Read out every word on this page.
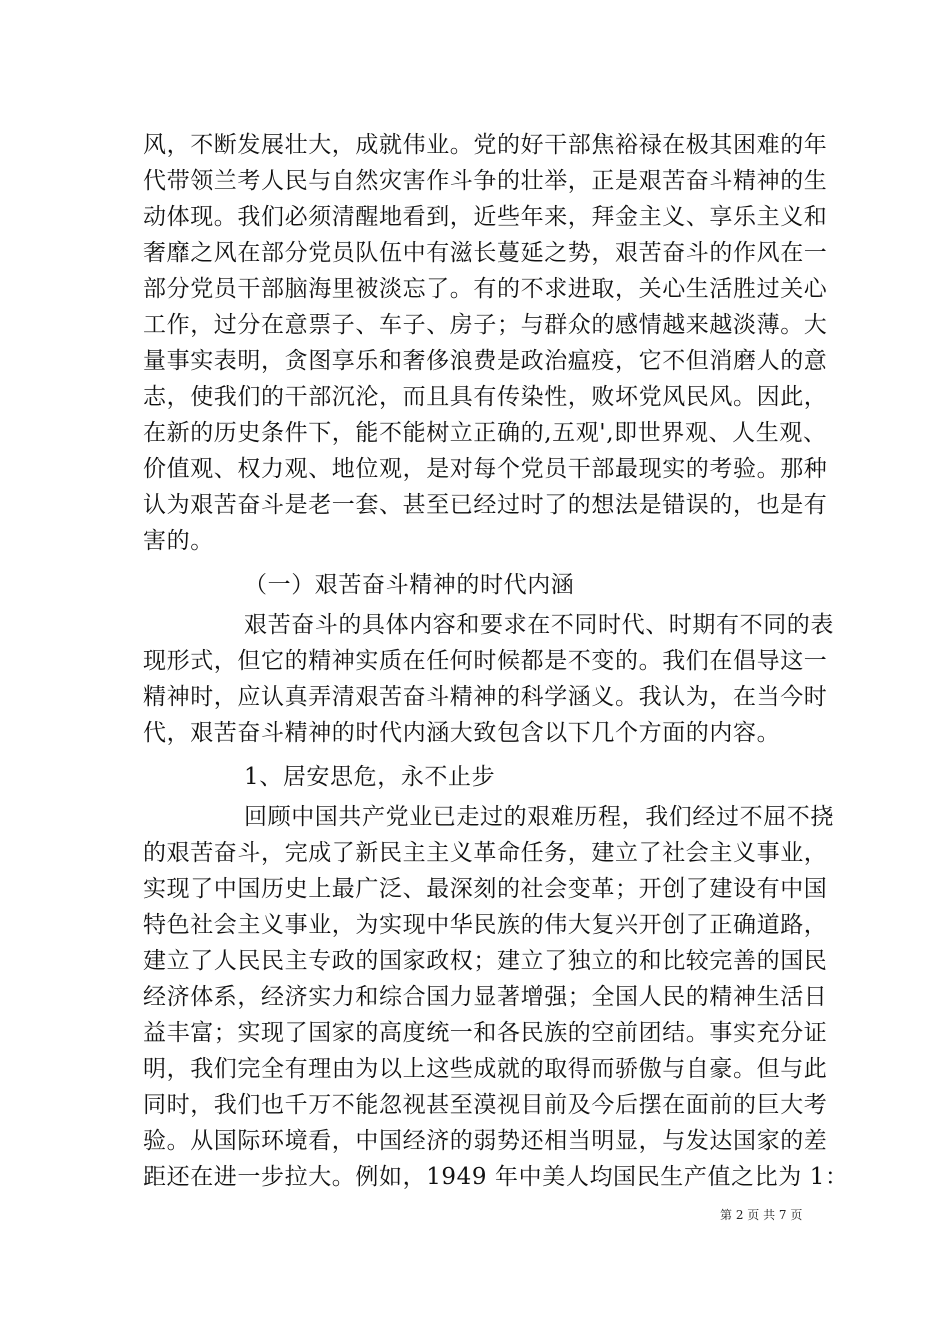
风，不断发展壮大，成就伟业。党的好干部焦裕禄在极其困难的年
代带领兰考人民与自然灾害作斗争的壮举，正是艰苦奋斗精神的生
动体现。我们必须清醒地看到，近些年来，拜金主义、享乐主义和
奢靡之风在部分党员队伍中有滋长蔓延之势，艰苦奋斗的作风在一
部分党员干部脑海里被淡忘了。有的不求进取，关心生活胜过关心
工作，过分在意票子、车子、房子；与群众的感情越来越淡薄。大
量事实表明，贪图享乐和奢侈浪费是政治瘟疫，它不但消磨人的意
志，使我们的干部沉沦，而且具有传染性，败坏党风民风。因此，
在新的历史条件下，能不能树立正确的,五观',即世界观、人生观、
价值观、权力观、地位观，是对每个党员干部最现实的考验。那种
认为艰苦奋斗是老一套、甚至已经过时了的想法是错误的，也是有
害的。
（一）艰苦奋斗精神的时代内涵
艰苦奋斗的具体内容和要求在不同时代、时期有不同的表
现形式，但它的精神实质在任何时候都是不变的。我们在倡导这一
精神时，应认真弄清艰苦奋斗精神的科学涵义。我认为，在当今时
代，艰苦奋斗精神的时代内涵大致包含以下几个方面的内容。
1、居安思危，永不止步
回顾中国共产党业已走过的艰难历程，我们经过不屈不挠
的艰苦奋斗，完成了新民主主义革命任务，建立了社会主义事业，
实现了中国历史上最广泛、最深刻的社会变革；开创了建设有中国
特色社会主义事业，为实现中华民族的伟大复兴开创了正确道路，
建立了人民民主专政的国家政权；建立了独立的和比较完善的国民
经济体系，经济实力和综合国力显著增强；全国人民的精神生活日
益丰富；实现了国家的高度统一和各民族的空前团结。事实充分证
明，我们完全有理由为以上这些成就的取得而骄傲与自豪。但与此
同时，我们也千万不能忽视甚至漠视目前及今后摆在面前的巨大考
验。从国际环境看，中国经济的弱势还相当明显，与发达国家的差
距还在进一步拉大。例如，1949 年中美人均国民生产值之比为 1：
第 2 页 共 7 页
